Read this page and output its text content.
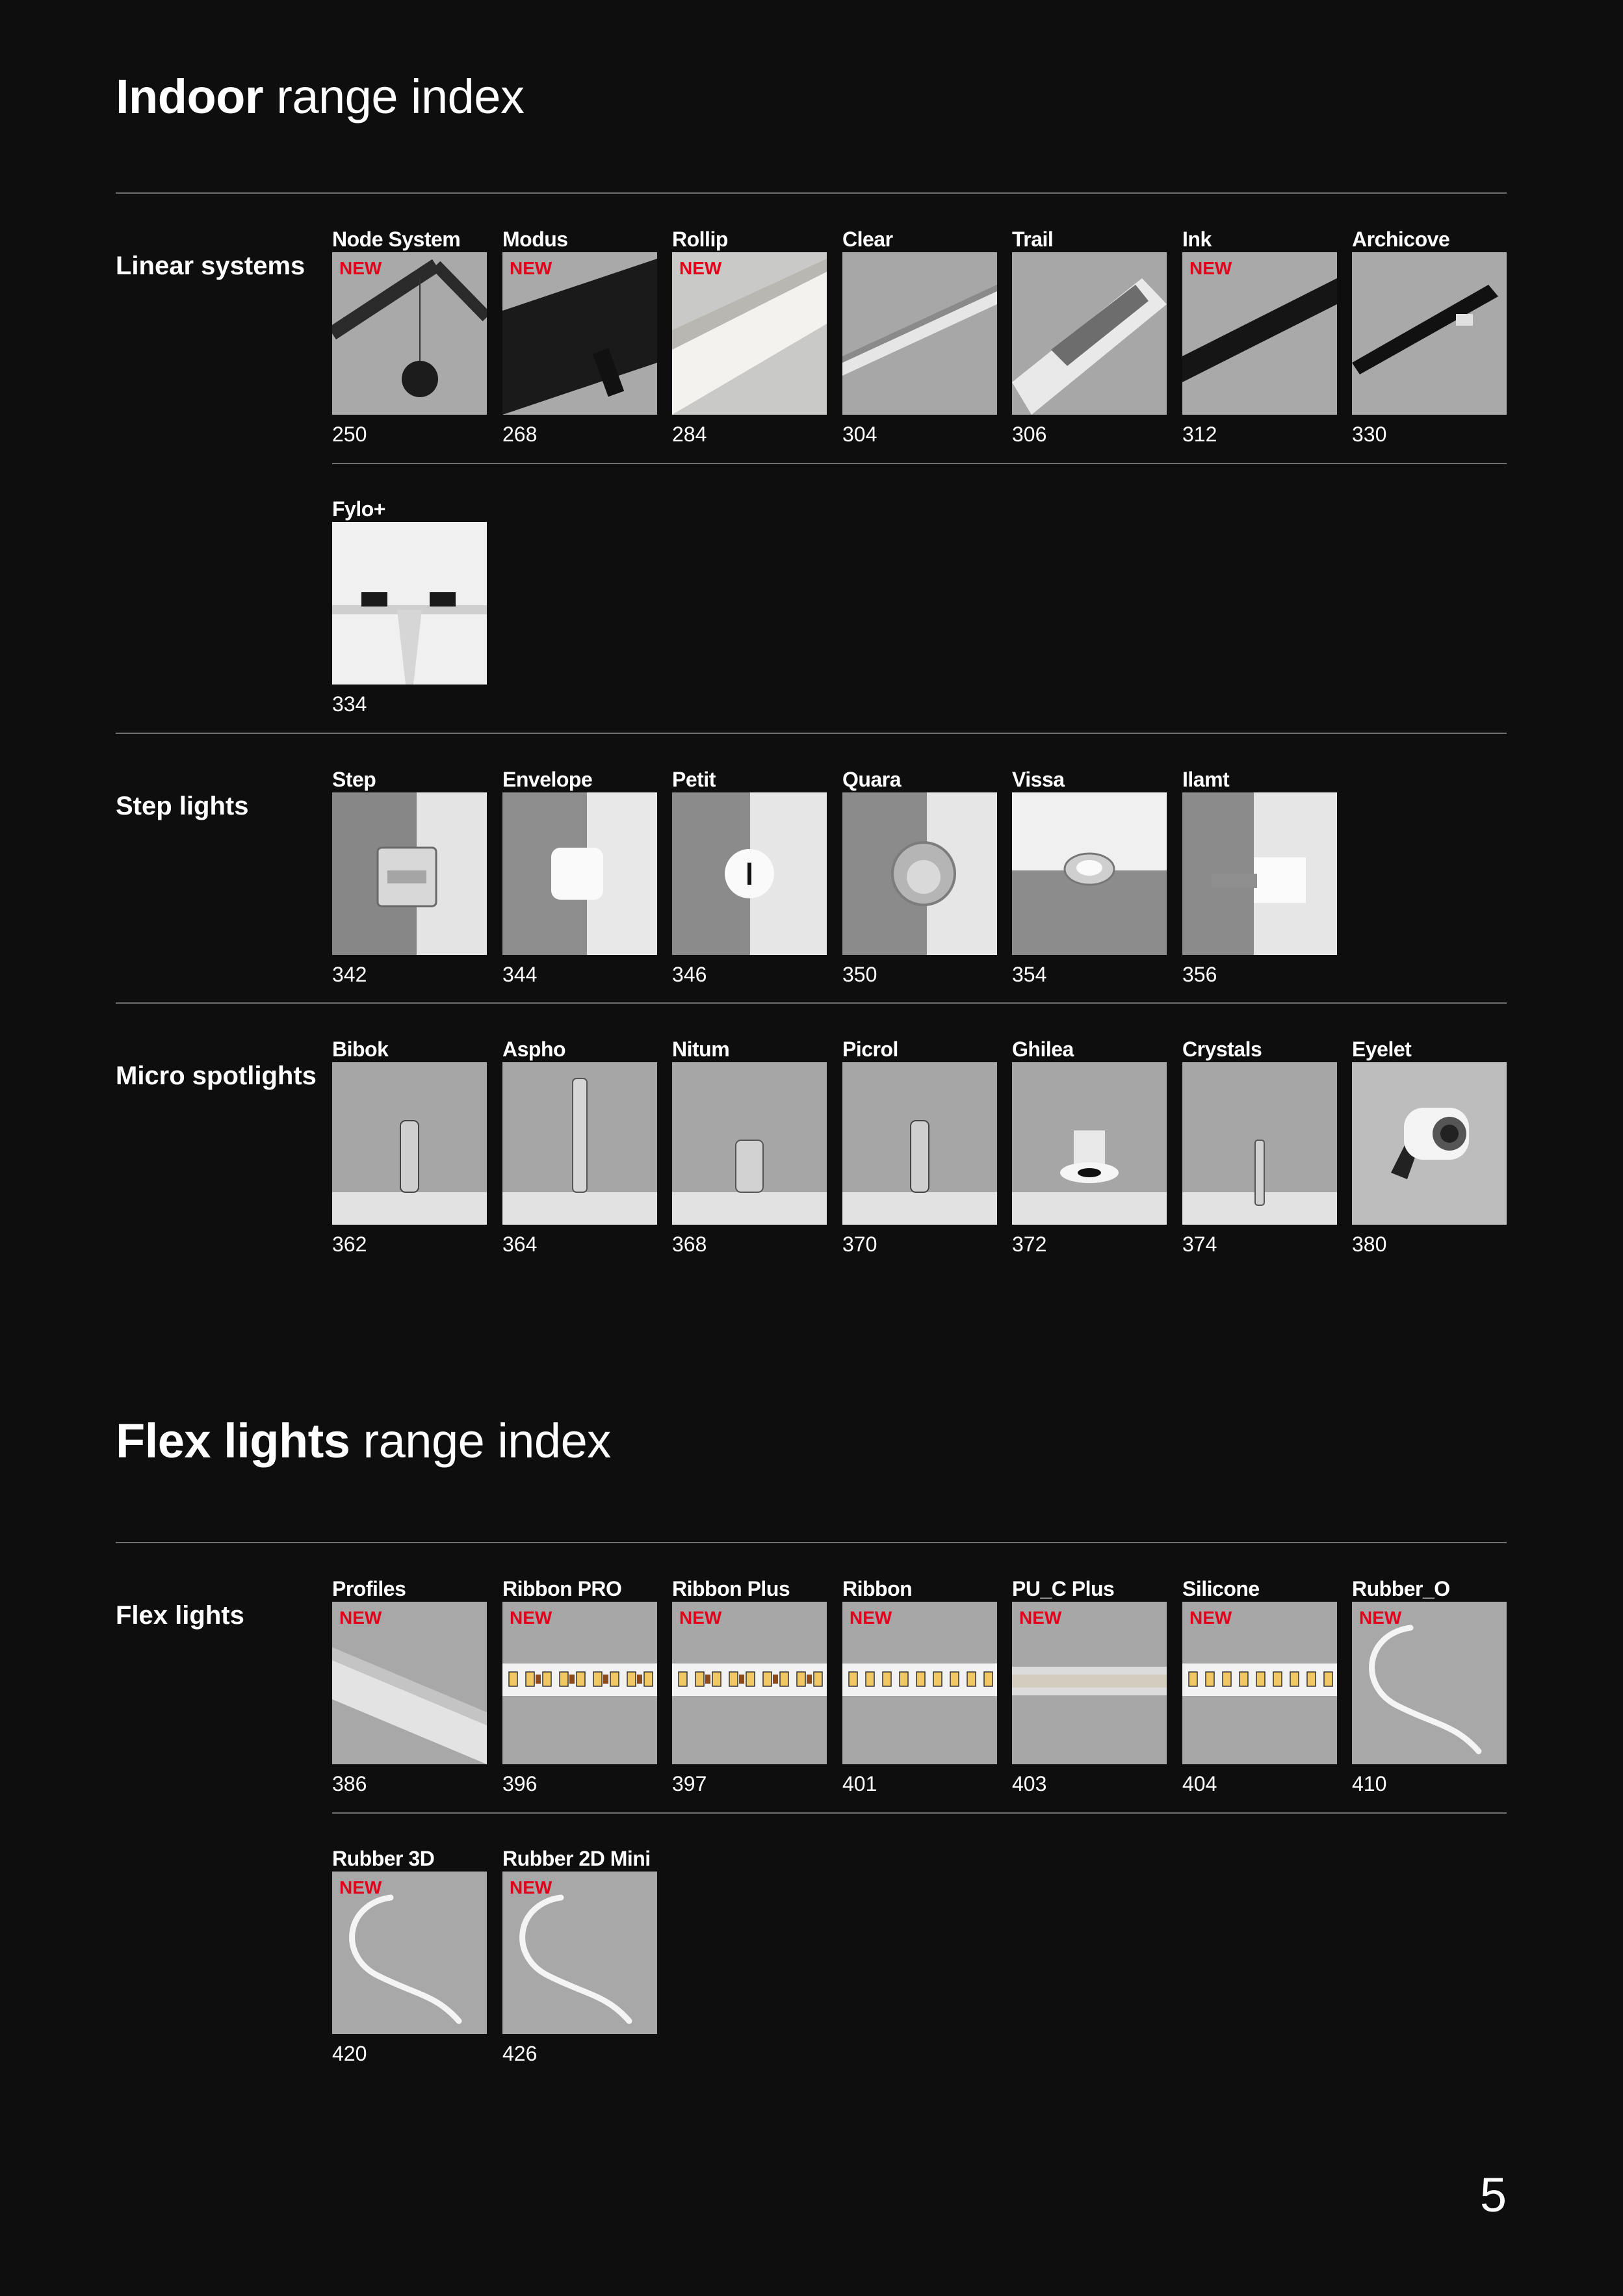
Indoor range index
Flex lights range index
Linear systems
Step lights
Micro spotlights
Flex lights
Node System
NEW
250
Modus
NEW
268
Rollip
NEW
284
Clear
304
Trail
306
Ink
NEW
312
Archicove
330
Fylo+
334
Step
342
Envelope
344
Petit
346
Quara
350
Vissa
354
Ilamt
356
Bibok
362
Aspho
364
Nitum
368
Picrol
370
Ghilea
372
Crystals
374
Eyelet
380
Profiles
NEW
386
Ribbon PRO
NEW
396
Ribbon Plus
NEW
397
Ribbon
NEW
401
PU_C Plus
NEW
403
Silicone
NEW
404
Rubber_O
NEW
410
Rubber 3D
NEW
420
Rubber 2D Mini
NEW
426
5
